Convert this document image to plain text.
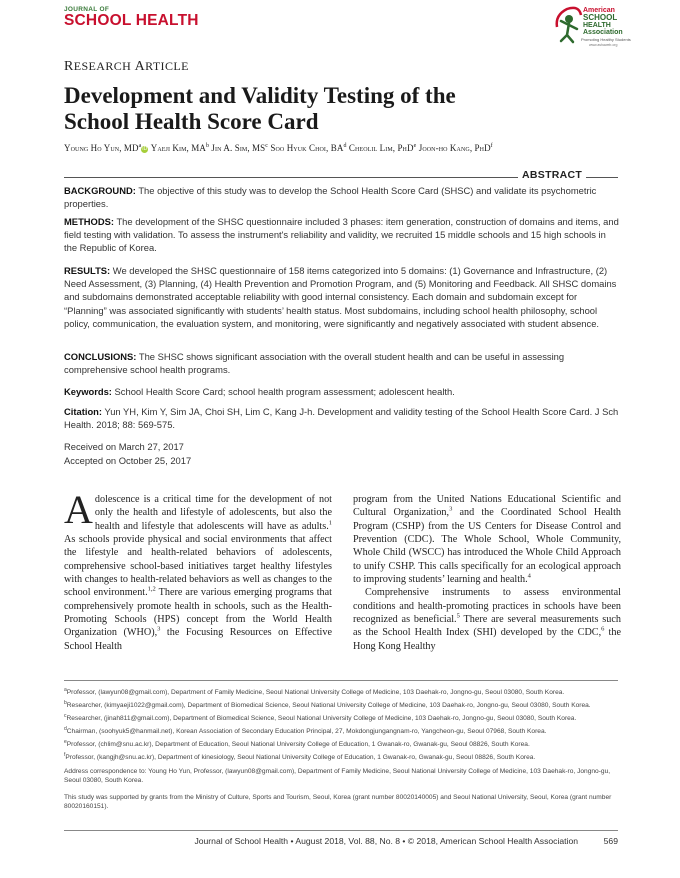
JOURNAL OF
SCHOOL HEALTH
American
SCHOOL
HEALTH
Association
Promoting Healthy Students
www.ashaweb.org
RESEARCH ARTICLE
Development and Validity Testing of the
School Health Score Card
Young Ho Yun, $MD^aiD$ Yaeji Kim, $MA^b$ Jin A. Sim, $MS^c$ Soo Hyuk Choi, $BA^d$ Cheolil Lim, PhD$^e$ Joon-ho Kang, PhD$^f$
ABSTRACT

BACKGROUND: The objective of this study was to develop the School Health Score Card (SHSC) and validate its psychometric properties.

METHODS: The development of the SHSC questionnaire included 3 phases: item generation, construction of domains and items, and field testing with validation. To assess the instrument's reliability and validity, we recruited 15 middle schools and 15 high schools in the Republic of Korea.

RESULTS: We developed the SHSC questionnaire of 158 items categorized into 5 domains: (1) Governance and Infrastructure, (2) Need Assessment, (3) Planning, (4) Health Prevention and Promotion Program, and (5) Monitoring and Feedback. All SHSC domains and subdomains demonstrated acceptable reliability with good internal consistency. Each domain and subdomain except for “Planning” was associated significantly with students’ health status. Most subdomains, including school health philosophy, school policy, communication, the evaluation system, and monitoring, were significantly and negatively associated with student absence.

CONCLUSIONS: The SHSC shows significant association with the overall student health and can be useful in assessing comprehensive school health programs.

Keywords: School Health Score Card; school health program assessment; adolescent health.

Citation: Yun YH, Kim Y, Sim JA, Choi SH, Lim C, Kang J-h. Development and validity testing of the School Health Score Card. J Sch Health. 2018; 88: 569-575.

Received on March 27, 2017

Accepted on October 25, 2017

Adolescence is a critical time for the development of not only the health and lifestyle of adolescents, but also the health and lifestyle that adolescents will have as adults.$^1$ As schools provide physical and social environments that affect the lifestyle and health-related behaviors of adolescents, comprehensive school-based initiatives target healthy lifestyles with changes to health-related behaviors as well as changes to the school environment.$^{1,2}$ There are various emerging programs that comprehensively promote health in schools, such as the Health-Promoting Schools (HPS) concept from the World Health Organization (WHO),$^3$ the Focusing Resources on Effective School Health

program from the United Nations Educational Scientific and Cultural Organization,$^3$ and the Coordinated School Health Program (CSHP) from the US Centers for Disease Control and Prevention (CDC). The Whole School, Whole Community, Whole Child (WSCC) has introduced the Whole Child Approach to unify CSHP. This calls specifically for an ecological approach to improving students’ learning and health.$^4$

Comprehensive instruments to assess environmental conditions and health-promoting practices in schools have been recognized as beneficial.$^5$ There are several measurements such as the School Health Index (SHI) developed by the CDC,$^6$ the Hong Kong Healthy

$^a$Professor, (lawyun08@gmail.com), Department of Family Medicine, Seoul National University College of Medicine, 103 Daehak-ro, Jongno-gu, Seoul 03080, South Korea.

$^b$Researcher, (kimyaeji1022@gmail.com), Department of Biomedical Science, Seoul National University College of Medicine, 103 Daehak-ro, Jongno-gu, Seoul 03080, South Korea.

$^c$Researcher, (jinah811@gmail.com), Department of Biomedical Science, Seoul National University College of Medicine, 103 Daehak-ro, Jongno-gu, Seoul 03080, South Korea.

$^d$Chairman, (soohyuk5@hanmail.net), Korean Association of Secondary Education Principal, 27, Mokdongjungangnam-ro, Yangcheon-gu, Seoul 07968, South Korea.

$^e$Professor, (chlim@snu.ac.kr), Department of Education, Seoul National University College of Education, 1 Gwanak-ro, Gwanak-gu, Seoul 08826, South Korea.

$^f$Professor, (kangjh@snu.ac.kr), Department of kinesiology, Seoul National University College of Education, 1 Gwanak-ro, Gwanak-gu, Seoul 08826, South Korea.

Address correspondence to: Young Ho Yun, Professor, (lawyun08@gmail.com), Department of Family Medicine, Seoul National University College of Medicine, 103 Daehak-ro, Jongno-gu, Seoul 03080, South Korea.

This study was supported by grants from the Ministry of Culture, Sports and Tourism, Seoul, Korea (grant number 80020140005) and Seoul National University, Seoul, Korea (grant number 80020160151).

Journal of School Health • August 2018, Vol. 88, No. 8 • © 2018, American School Health Association	569
